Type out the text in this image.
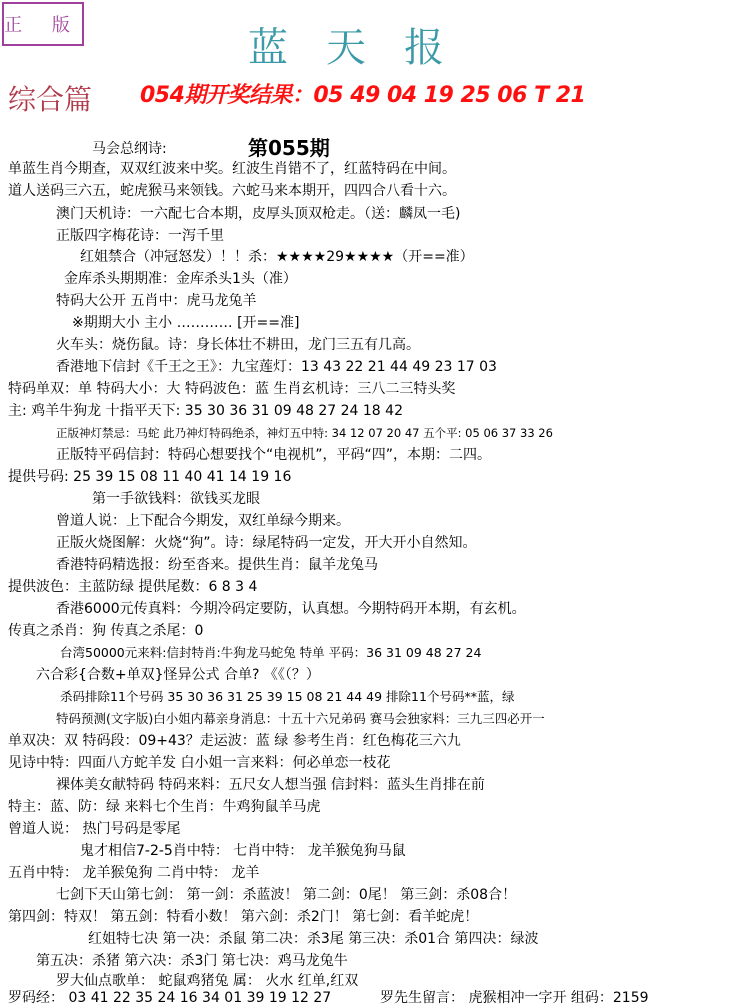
正 版	蓝天报
综合篇 054期开奖结果：05 49 04 19 25 06 T 21
第055期
马会总纲诗:
单蓝生肖今期查，双双红波来中奖。红波生肖错不了，红蓝特码在中间。
道人送码三六五，蛇虎猴马来领钱。六蛇马来本期开，四四合八看十六。
澳门天机诗：一六配七合本期，皮厚头顶双枪走。（送：麟凤一毛)
正版四字梅花诗：一泻千里
红姐禁合（冲冠怒发）！！杀：★★★★29★★★★（开==准）
金库杀头期期准：金库杀头1头（准）
特码大公开 五肖中：虎马龙兔羊
※期期大小 主小 ………… [开==准]
火车头：烧伤鼠。诗：身长体壮不耕田，龙门三五有几高。
香港地下信封《千王之王》：九宝莲灯：13 43 22 21 44 49 23 17 03
特码单双：单 特码大小：大 特码波色：蓝 生肖玄机诗：三八二三特头奖
主: 鸡羊牛狗龙 十指平天下: 35 30 36 31 09 48 27 24 18 42
正版神灯禁忌：马蛇 此乃神灯特码绝杀，神灯五中特: 34 12 07 20 47 五个平: 05 06 37 33 26
正版特平码信封：特码心想要找个“电视机”，平码“四”，本期：二四。
提供号码: 25 39 15 08 11 40 41 14 19 16
第一手欲钱料：欲钱买龙眼
曾道人说：上下配合今期发，双红单绿今期来。
正版火烧图解：火烧“狗”。诗：绿尾特码一定发，开大开小自然知。
香港特码精选报：纷至沓来。提供生肖：鼠羊龙兔马
提供波色：主蓝防绿 提供尾数：6 8 3 4
香港6000元传真料：今期冷码定要防，认真想。今期特码开本期，有玄机。
传真之杀肖：狗 传真之杀尾：0
台湾50000元来料:信封特肖:牛狗龙马蛇兔 特单 平码：36 31 09 48 27 24
六合彩{合数+单双}怪异公式 合单? 《《（？）
杀码排除11个号码 35 30 36 31 25 39 15 08 21 44 49 排除11个号码**蓝，绿
特码预测(文字版)白小姐内幕亲身消息：十五十六兄弟码 赛马会独家料：三九三四必开一
单双决：双 特码段：09+43？走运波：蓝 绿 参考生肖：红色梅花三六九
见诗中特：四面八方蛇羊发 白小姐一言来料：何必单恋一枝花
裸体美女献特码 特码来料：五尺女人想当强 信封料：蓝头生肖排在前
特主：蓝、防：绿 来料七个生肖：牛鸡狗鼠羊马虎
曾道人说： 热门号码是零尾
鬼才相信7-2-5肖中特： 七肖中特： 龙羊猴兔狗马鼠
五肖中特： 龙羊猴兔狗 二肖中特： 龙羊
七剑下天山第七剑： 第一剑：杀蓝波！ 第二剑：0尾！ 第三剑：杀08合！
第四剑：特双！ 第五剑：特看小数！ 第六剑：杀2门！ 第七剑：看羊蛇虎！
红姐特七决 第一决：杀鼠 第二决：杀3尾 第三决：杀01合 第四决：绿波
第五决：杀猪 第六决：杀3门 第七决：鸡马龙兔牛
罗大仙点歌单： 蛇鼠鸡猪兔 属： 火水 红单,红双
罗码经： 03 41 22 35 24 16 34 01 39 19 12 27	罗先生留言： 虎猴相冲一字开 组码：2159
